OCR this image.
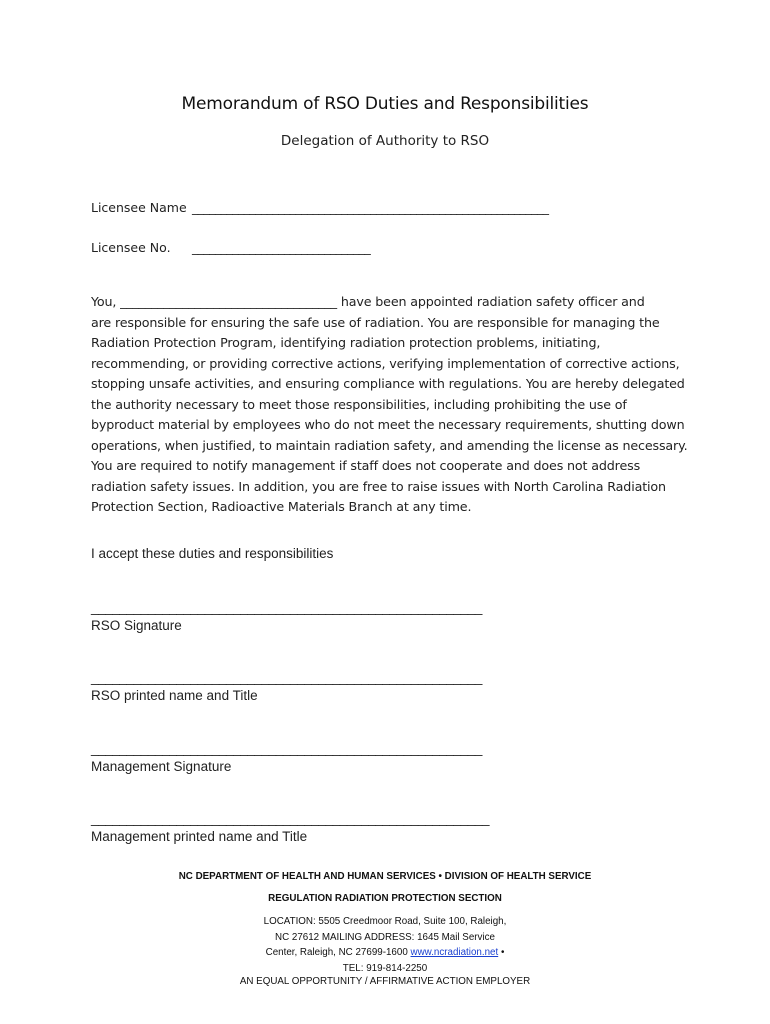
Memorandum of RSO Duties and Responsibilities
Delegation of Authority to RSO
Licensee Name ______________________________________________________________
Licensee No. _______________________________
You, ___________________________________ have been appointed radiation safety officer and
are responsible for ensuring the safe use of radiation. You are responsible for managing the
Radiation Protection Program, identifying radiation protection problems, initiating,
recommending, or providing corrective actions, verifying implementation of corrective actions,
stopping unsafe activities, and ensuring compliance with regulations. You are hereby delegated
the authority necessary to meet those responsibilities, including prohibiting the use of
byproduct material by employees who do not meet the necessary requirements, shutting down
operations, when justified, to maintain radiation safety, and amending the license as necessary.
You are required to notify management if staff does not cooperate and does not address
radiation safety issues. In addition, you are free to raise issues with North Carolina Radiation
Protection Section, Radioactive Materials Branch at any time.
I accept these duties and responsibilities
_______________________________________________________
RSO Signature
_______________________________________________________
RSO printed name and Title
_______________________________________________________
Management Signature
________________________________________________________
Management printed name and Title
NC DEPARTMENT OF HEALTH AND HUMAN SERVICES • DIVISION OF HEALTH SERVICE
REGULATION RADIATION PROTECTION SECTION
LOCATION: 5505 Creedmoor Road, Suite 100, Raleigh,
NC 27612 MAILING ADDRESS: 1645 Mail Service
Center, Raleigh, NC 27699-1600 www.ncradiation.net •
TEL: 919-814-2250
AN EQUAL OPPORTUNITY / AFFIRMATIVE ACTION EMPLOYER
